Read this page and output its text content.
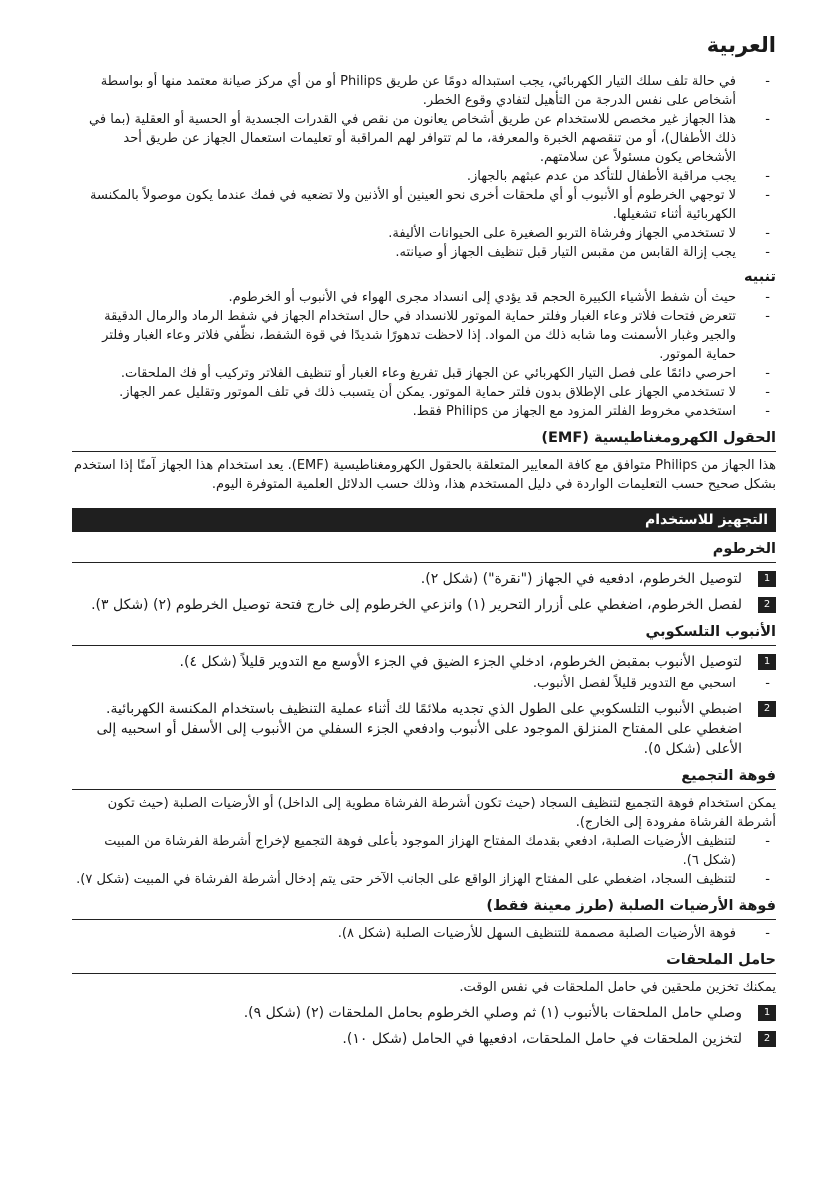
العربية
- في حالة تلف سلك التيار الكهربائي، يجب استبداله دومًا عن طريق Philips أو من أي مركز صيانة معتمد منها أو بواسطة أشخاص على نفس الدرجة من التأهيل لتفادي وقوع الخطر.
- هذا الجهاز غير مخصص للاستخدام عن طريق أشخاص يعانون من نقص في القدرات الجسدية أو الحسية أو العقلية (بما في ذلك الأطفال)، أو من تنقصهم الخبرة والمعرفة، ما لم تتوافر لهم المراقبة أو تعليمات استعمال الجهاز عن طريق أحد الأشخاص يكون مسئولاً عن سلامتهم.
- يجب مراقبة الأطفال للتأكد من عدم عبثهم بالجهاز.
- لا توجهي الخرطوم أو الأنبوب أو أي ملحقات أخرى نحو العينين أو الأذنين ولا تضعيه في فمك عندما يكون موصولاً بالمكنسة الكهربائية أثناء تشغيلها.
- لا تستخدمي الجهاز وفرشاة التربو الصغيرة على الحيوانات الأليفة.
- يجب إزالة القابس من مقبس التيار قبل تنظيف الجهاز أو صيانته.
تنبيه
- حيث أن شفط الأشياء الكبيرة الحجم قد يؤدي إلى انسداد مجرى الهواء في الأنبوب أو الخرطوم.
- تتعرض فتحات فلاتر وعاء الغبار وفلتر حماية الموتور للانسداد في حال استخدام الجهاز في شفط الرماد والرمال الدقيقة والجير وغبار الأسمنت وما شابه ذلك من المواد. إذا لاحظت تدهورًا شديدًا في قوة الشفط، نظّفي فلاتر وعاء الغبار وفلتر حماية الموتور.
- احرصي دائمًا على فصل التيار الكهربائي عن الجهاز قبل تفريغ وعاء الغبار أو تنظيف الفلاتر وتركيب أو فك الملحقات.
- لا تستخدمي الجهاز على الإطلاق بدون فلتر حماية الموتور. يمكن أن يتسبب ذلك في تلف الموتور وتقليل عمر الجهاز.
- استخدمي مخروط الفلتر المزود مع الجهاز من Philips فقط.
الحقول الكهرومغناطيسية (EMF)

هذا الجهاز من Philips متوافق مع كافة المعايير المتعلقة بالحقول الكهرومغناطيسية (EMF). يعد استخدام هذا الجهاز آمنًا إذا استخدم بشكل صحيح حسب التعليمات الواردة في دليل المستخدم هذا، وذلك حسب الدلائل العلمية المتوفرة اليوم.

التجهيز للاستخدام
الخرطوم
1
لتوصيل الخرطوم، ادفعيه في الجهاز ("نقرة") (شكل ٢).
2
لفصل الخرطوم، اضغطي على أزرار التحرير (١) وانزعي الخرطوم إلى خارج فتحة توصيل الخرطوم (٢) (شكل ٣).
الأنبوب التلسكوبي
1
لتوصيل الأنبوب بمقبض الخرطوم، ادخلي الجزء الضيق في الجزء الأوسع مع التدوير قليلاً (شكل ٤).
- اسحبي مع التدوير قليلاً لفصل الأنبوب.
2
اضبطي الأنبوب التلسكوبي على الطول الذي تجديه ملائمًا لك أثناء عملية التنظيف باستخدام المكنسة الكهربائية. اضغطي على المفتاح المنزلق الموجود على الأنبوب وادفعي الجزء السفلي من الأنبوب إلى الأسفل أو اسحبيه إلى الأعلى (شكل ٥).
فوهة التجميع

يمكن استخدام فوهة التجميع لتنظيف السجاد (حيث تكون أشرطة الفرشاة مطوية إلى الداخل) أو الأرضيات الصلبة (حيث تكون أشرطة الفرشاة مفرودة إلى الخارج).

- لتنظيف الأرضيات الصلبة، ادفعي بقدمك المفتاح الهزاز الموجود بأعلى فوهة التجميع لإخراج أشرطة الفرشاة من المبيت (شكل ٦).
- لتنظيف السجاد، اضغطي على المفتاح الهزاز الواقع على الجانب الآخر حتى يتم إدخال أشرطة الفرشاة في المبيت (شكل ٧).
فوهة الأرضيات الصلبة (طرز معينة فقط)
- فوهة الأرضيات الصلبة مصممة للتنظيف السهل للأرضيات الصلبة (شكل ٨).
حامل الملحقات

يمكنك تخزين ملحقين في حامل الملحقات في نفس الوقت.

1
وصلي حامل الملحقات بالأنبوب (١) ثم وصلي الخرطوم بحامل الملحقات (٢) (شكل ٩).
2
لتخزين الملحقات في حامل الملحقات، ادفعيها في الحامل (شكل ١٠).
